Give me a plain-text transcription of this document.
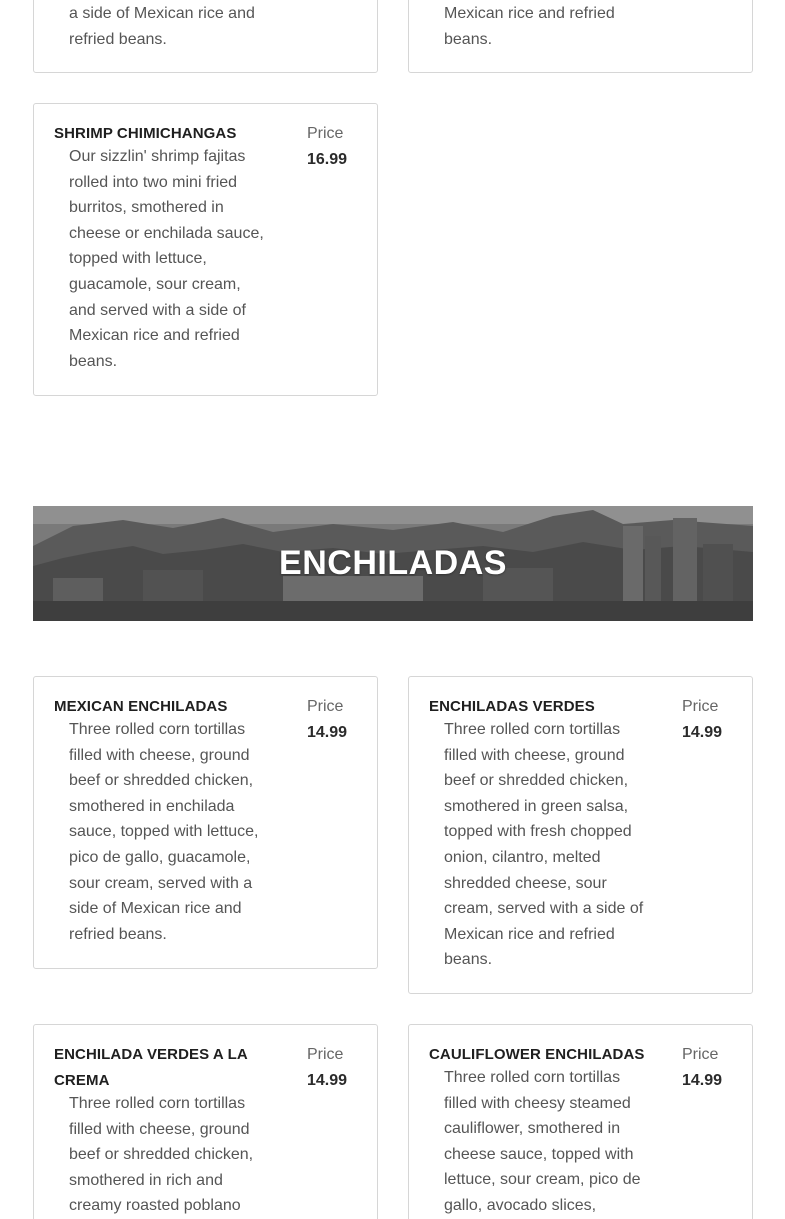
a side of Mexican rice and refried beans.
Mexican rice and refried beans.
SHRIMP CHIMICHANGAS
Our sizzlin' shrimp fajitas rolled into two mini fried burritos, smothered in cheese or enchilada sauce, topped with lettuce, guacamole, sour cream, and served with a side of Mexican rice and refried beans.
Price
16.99
ENCHILADAS
MEXICAN ENCHILADAS
Three rolled corn tortillas filled with cheese, ground beef or shredded chicken, smothered in enchilada sauce, topped with lettuce, pico de gallo, guacamole, sour cream, served with a side of Mexican rice and refried beans.
Price
14.99
ENCHILADAS VERDES
Three rolled corn tortillas filled with cheese, ground beef or shredded chicken, smothered in green salsa, topped with fresh chopped onion, cilantro, melted shredded cheese, sour cream, served with a side of Mexican rice and refried beans.
Price
14.99
ENCHILADA VERDES A LA CREMA
Three rolled corn tortillas filled with cheese, ground beef or shredded chicken, smothered in rich and creamy roasted poblano
Price
14.99
CAULIFLOWER ENCHILADAS
Three rolled corn tortillas filled with cheesy steamed cauliflower, smothered in cheese sauce, topped with lettuce, sour cream, pico de gallo, avocado slices,
Price
14.99
